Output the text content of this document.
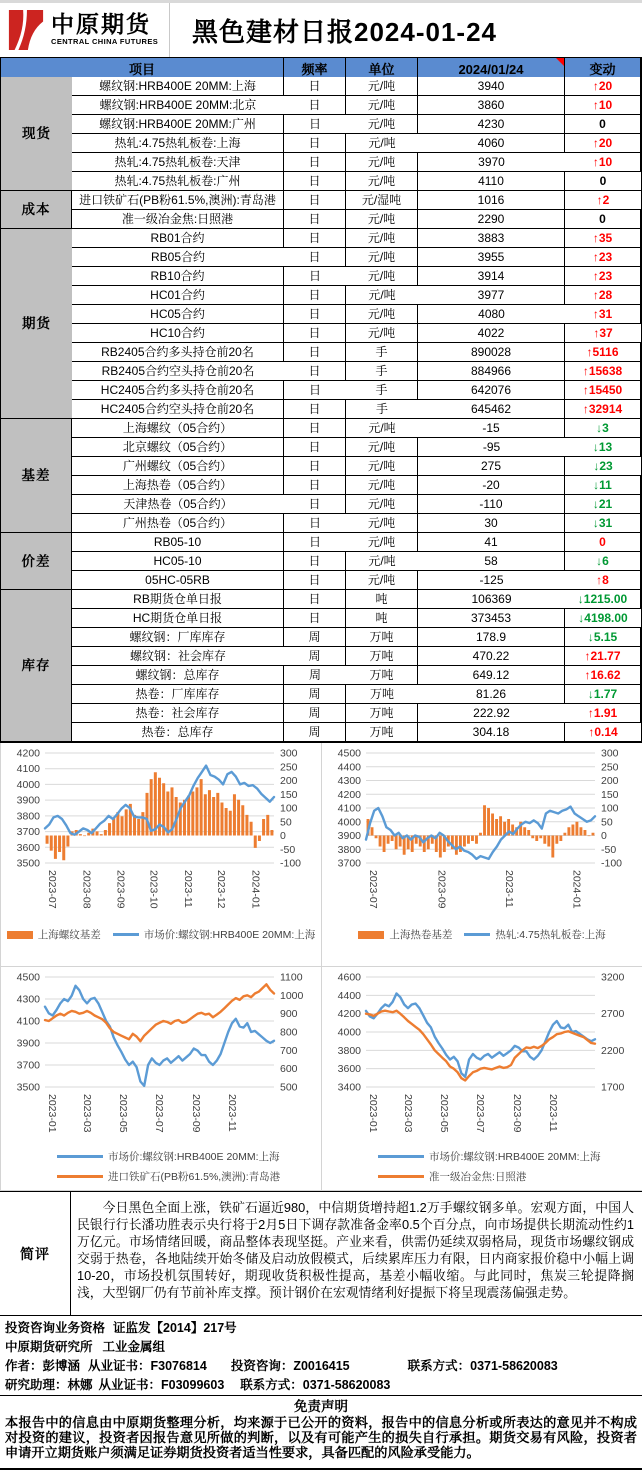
中原期货
CENTRAL CHINA FUTURES 黑色建材日报2024-01-24
项目	频率	单位	2024/01/24	变动
现货
螺纹钢:HRB400E 20MM:上海	日	元/吨	3940	↑20
螺纹钢:HRB400E 20MM:北京	日	元/吨	3860	↑10
螺纹钢:HRB400E 20MM:广州	日	元/吨	4230	0
热轧:4.75热轧板卷:上海	日	元/吨	4060	↑20
热轧:4.75热轧板卷:天津	日	元/吨	3970	↑10
热轧:4.75热轧板卷:广州	日	元/吨	4110	0
成本
进口铁矿石(PB粉61.5%,澳洲):青岛港	日	元/湿吨	1016	↑2
准一级冶金焦:日照港	日	元/吨	2290	0
期货
RB01合约	日	元/吨	3883	↑35
RB05合约	日	元/吨	3955	↑23
RB10合约	日	元/吨	3914	↑23
HC01合约	日	元/吨	3977	↑28
HC05合约	日	元/吨	4080	↑31
HC10合约	日	元/吨	4022	↑37
RB2405合约多头持仓前20名	日	手	890028	↑5116
RB2405合约空头持仓前20名	日	手	884966	↑15638
HC2405合约多头持仓前20名	日	手	642076	↑15450
HC2405合约空头持仓前20名	日	手	645462	↑32914
基差
上海螺纹（05合约）	日	元/吨	-15	↓3
北京螺纹（05合约）	日	元/吨	-95	↓13
广州螺纹（05合约）	日	元/吨	275	↓23
上海热卷（05合约）	日	元/吨	-20	↓11
天津热卷（05合约）	日	元/吨	-110	↓21
广州热卷（05合约）	日	元/吨	30	↓31
价差
RB05-10	日	元/吨	41	0
HC05-10	日	元/吨	58	↓6
05HC-05RB	日	元/吨	-125	↑8
库存
RB期货仓单日报	日	吨	106369	↓1215.00
HC期货仓单日报	日	吨	373453	↓4198.00
螺纹钢：厂库库存	周	万吨	178.9	↓5.15
螺纹钢：社会库存	周	万吨	470.22	↑21.77
螺纹钢：总库存	周	万吨	649.12	↑16.62
热卷：厂库库存	周	万吨	81.26	↓1.77
热卷：社会库存	周	万吨	222.92	↑1.91
热卷：总库存	周	万吨	304.18	↑0.14
3500
3600
3700
3800
3900
4000
4100
4200
-100
-50
0
50
100
150
200
250
300
2023-07 2023-08 2023-09 2023-10 2023-11 2023-12 2024-01
上海螺纹基差	市场价:螺纹钢:HRB400E 20MM:上海
3700
3800
3900
4000
4100
4200
4300
4400
4500
-100
-50
0
50
100
150
200
250
300
2023-07	2023-09	2023-11	2024-01
上海热卷基差	热轧:4.75热轧板卷:上海
3500
3700
3900
4100
4300
4500
500
600
700
800
900
1000
1100
2023-01 2023-03 2023-05 2023-07 2023-09 2023-11
市场价:螺纹钢:HRB400E 20MM:上海
进口铁矿石(PB粉61.5%,澳洲):青岛港
3400
3600
3800
4000
4200
4400
4600
1700
2200
2700
3200
2023-01 2023-03 2023-05 2023-07 2023-09 2023-11
市场价:螺纹钢:HRB400E 20MM:上海
准一级冶金焦:日照港
简评
今日黑色全面上涨，铁矿石逼近980，中信期货增持超1.2万手螺纹钢多单。宏观方面，中国人民银行行长潘功胜表示央行将于2月5日下调存款准备金率0.5个百分点，向市场提供长期流动性约1万亿元。市场情绪回暖，商品整体表现坚挺。产业来看，供需仍延续双弱格局，现货市场螺纹钢成交弱于热卷，各地陆续开始冬储及启动放假模式，后续累库压力有限，日内商家报价稳中小幅上调10-20，市场投机氛围转好，期现收货积极性提高，基差小幅收缩。与此同时，焦炭三轮提降搁浅，大型钢厂仍有节前补库支撑。预计钢价在宏观情绪利好提振下将呈现震荡偏强走势。
投资咨询业务资格 证监发【2014】217号
中原期货研究所 工业金属组
作者：彭博涵 从业证书：F3076814 投资咨询：Z0016415	联系方式：0371-58620083
研究助理：林娜 从业证书：F03099603 联系方式：0371-58620083
免责声明
本报告中的信息由中原期货整理分析，均来源于已公开的资料，报告中的信息分析或所表达的意见并不构成对投资的建议，投资者因报告意见所做的判断，以及有可能产生的损失自行承担。期货交易有风险，投资者申请开立期货账户须满足证券期货投资者适当性要求，具备匹配的风险承受能力。
